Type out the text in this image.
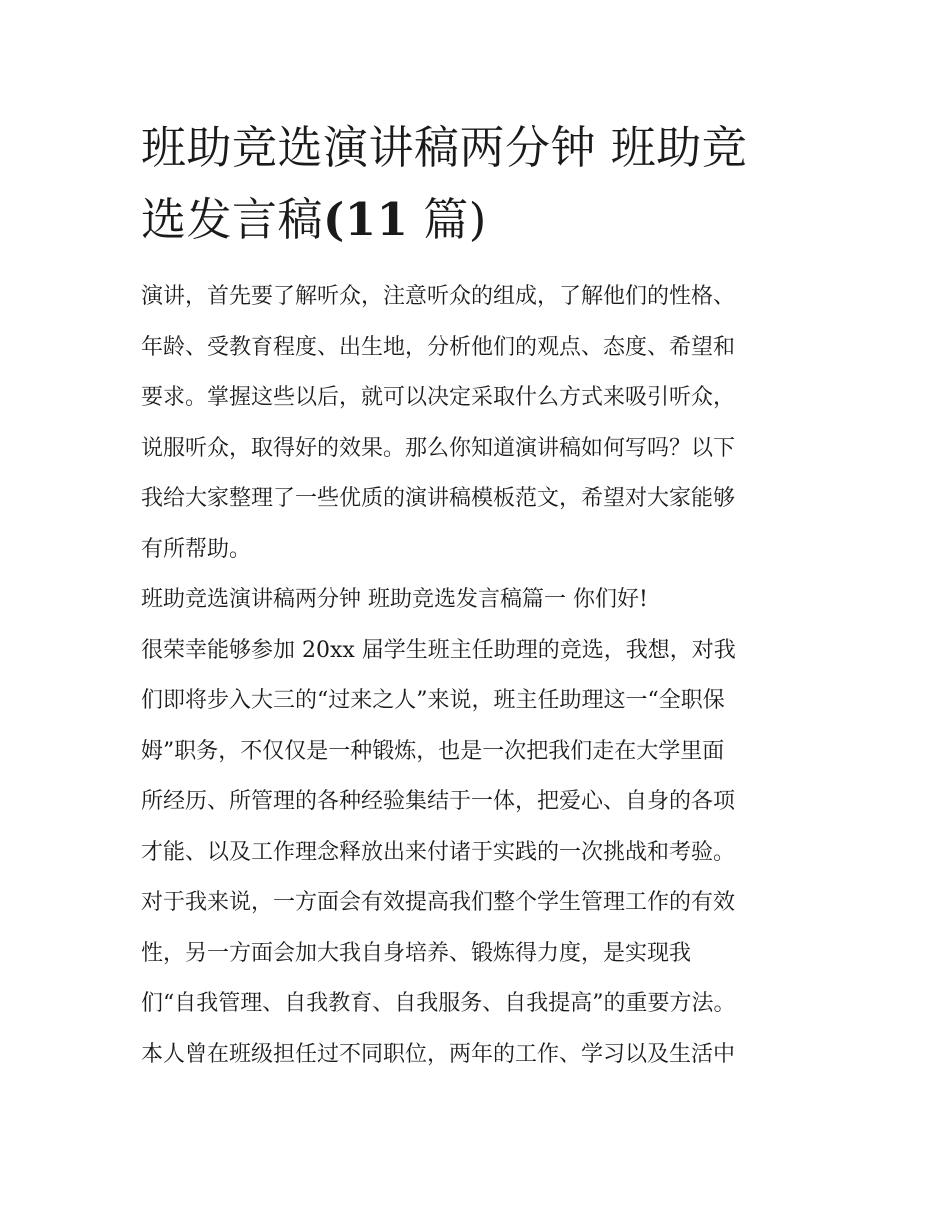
班助竞选演讲稿两分钟 班助竞
选发言稿(11 篇)
演讲，首先要了解听众，注意听众的组成，了解他们的性格、
年龄、受教育程度、出生地，分析他们的观点、态度、希望和
要求。掌握这些以后，就可以决定采取什么方式来吸引听众，
说服听众，取得好的效果。那么你知道演讲稿如何写吗？以下
我给大家整理了一些优质的演讲稿模板范文，希望对大家能够
有所帮助。
班助竞选演讲稿两分钟 班助竞选发言稿篇一 你们好!
很荣幸能够参加 20xx 届学生班主任助理的竞选，我想，对我
们即将步入大三的“过来之人”来说，班主任助理这一“全职保
姆”职务，不仅仅是一种锻炼，也是一次把我们走在大学里面
所经历、所管理的各种经验集结于一体，把爱心、自身的各项
才能、以及工作理念释放出来付诸于实践的一次挑战和考验。
对于我来说，一方面会有效提高我们整个学生管理工作的有效
性，另一方面会加大我自身培养、锻炼得力度，是实现我
们“自我管理、自我教育、自我服务、自我提高”的重要方法。
本人曾在班级担任过不同职位，两年的工作、学习以及生活中
